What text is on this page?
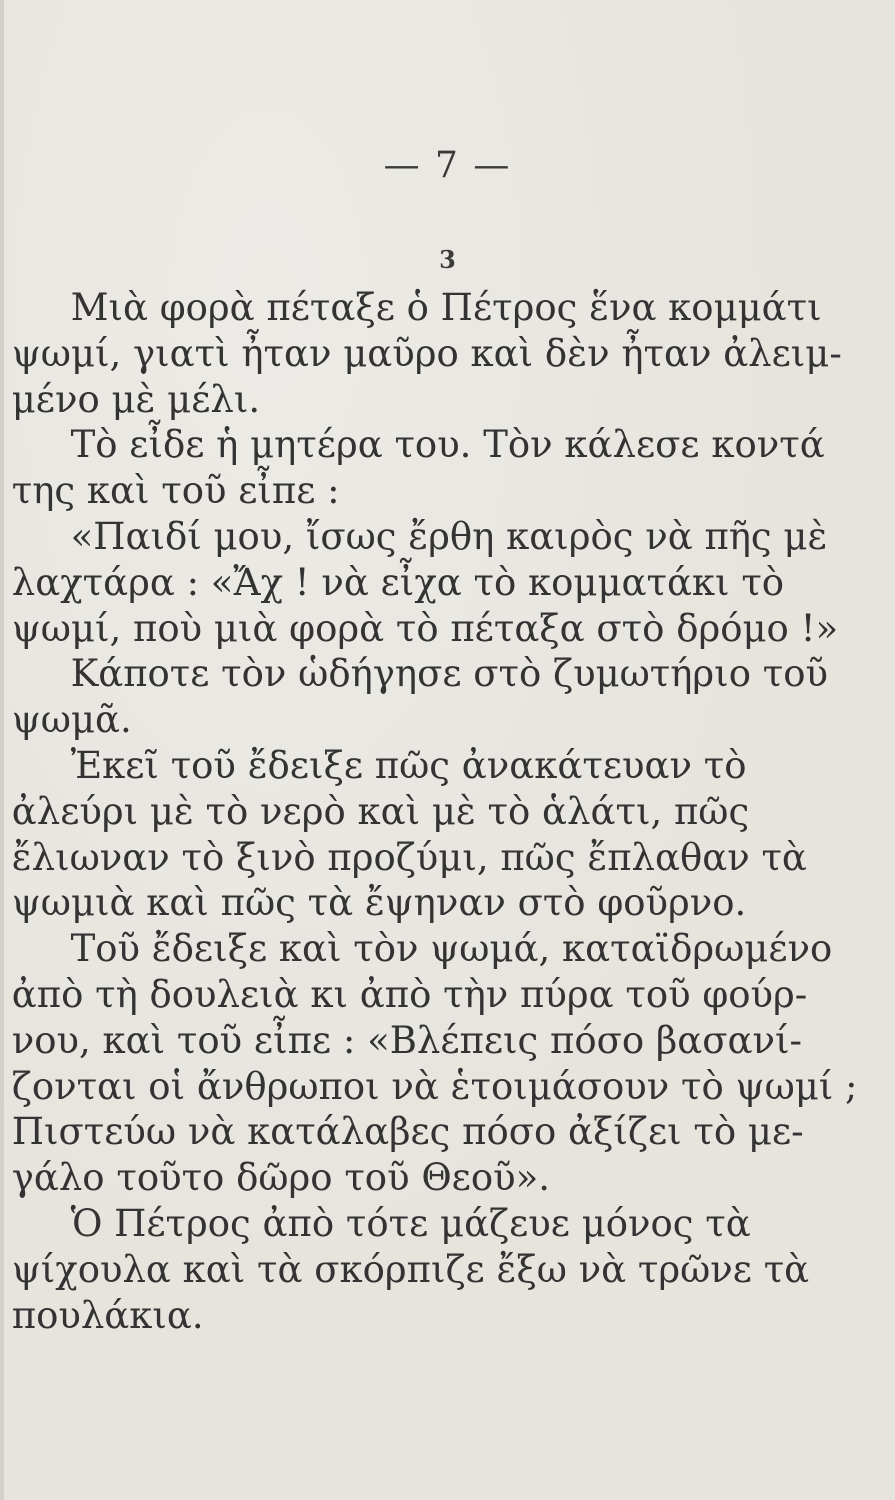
— 7 —
3
Μιὰ φορὰ πέταξε ὁ Πέτρος ἕνα κομμάτι
ψωμί, γιατὶ ἦταν μαῦρο καὶ δὲν ἦταν ἀλειμ-
μένο μὲ μέλι.
Τὸ εἶδε ἡ μητέρα του. Τὸν κάλεσε κοντά
της καὶ τοῦ εἶπε :
«Παιδί μου, ἴσως ἔρθη καιρὸς νὰ πῆς μὲ
λαχτάρα : «Ἄχ ! νὰ εἶχα τὸ κομματάκι τὸ
ψωμί, ποὺ μιὰ φορὰ τὸ πέταξα στὸ δρόμο !»
Κάποτε τὸν ὡδήγησε στὸ ζυμωτήριο τοῦ
ψωμᾶ.
Ἐκεῖ τοῦ ἔδειξε πῶς ἀνακάτευαν τὸ
ἀλεύρι μὲ τὸ νερὸ καὶ μὲ τὸ ἁλάτι, πῶς
ἔλιωναν τὸ ξινὸ προζύμι, πῶς ἔπλαθαν τὰ
ψωμιὰ καὶ πῶς τὰ ἔψηναν στὸ φοῦρνο.
Τοῦ ἔδειξε καὶ τὸν ψωμά, καταϊδρωμένο
ἀπὸ τὴ δουλειὰ κι ἀπὸ τὴν πύρα τοῦ φούρ-
νου, καὶ τοῦ εἶπε : «Βλέπεις πόσο βασανί-
ζονται οἱ ἄνθρωποι νὰ ἑτοιμάσουν τὸ ψωμί ;
Πιστεύω νὰ κατάλαβες πόσο ἀξίζει τὸ με-
γάλο τοῦτο δῶρο τοῦ Θεοῦ».
Ὁ Πέτρος ἀπὸ τότε μάζευε μόνος τὰ
ψίχουλα καὶ τὰ σκόρπιζε ἔξω νὰ τρῶνε τὰ
πουλάκια.
